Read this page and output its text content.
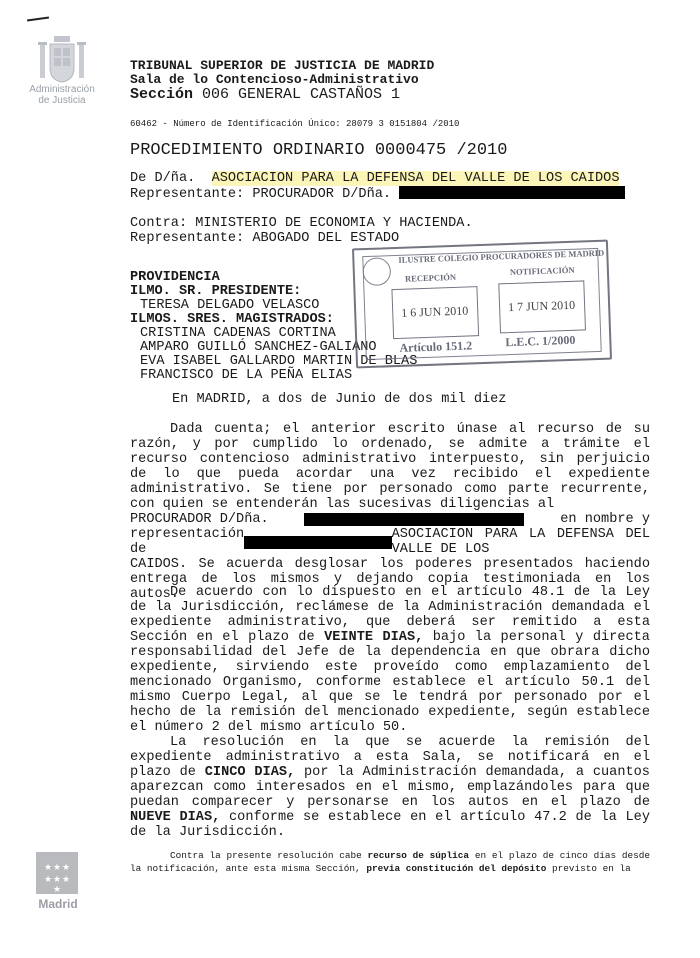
Administración
de Justicia
TRIBUNAL SUPERIOR DE JUSTICIA DE MADRID
Sala de lo Contencioso-Administrativo
Sección 006 GENERAL CASTAÑOS 1
60462 - Número de Identificación Único: 28079 3 0151804 /2010
PROCEDIMIENTO ORDINARIO 0000475 /2010
De D/ña. ASOCIACION PARA LA DEFENSA DEL VALLE DE LOS CAIDOS
Representante: PROCURADOR D/Dña.
Contra: MINISTERIO DE ECONOMIA Y HACIENDA.
Representante: ABOGADO DEL ESTADO
PROVIDENCIA
ILMO. SR. PRESIDENTE:
TERESA DELGADO VELASCO
ILMOS. SRES. MAGISTRADOS:
CRISTINA CADENAS CORTINA
AMPARO GUILLÓ SANCHEZ-GALIANO
EVA ISABEL GALLARDO MARTIN DE BLAS
FRANCISCO DE LA PEÑA ELIAS
ILUSTRE COLEGIO PROCURADORES DE MADRID
RECEPCIÓN
NOTIFICACIÓN
1 6 JUN 2010	1 7 JUN 2010
Artículo 151.2	L.E.C. 1/2000
En MADRID, a dos de Junio de dos mil diez

Dada cuenta; el anterior escrito únase al recurso de su razón, y por cumplido lo ordenado, se admite a trámite el recurso contencioso administrativo interpuesto, sin perjuicio de lo que pueda acordar una vez recibido el expediente administrativo. Se tiene por personado como parte recurrente, con quien se entenderán las sucesivas diligencias al

PROCURADOR D/Dña.	en nombre y

representación de
ASOCIACION PARA LA DEFENSA DEL VALLE DE LOS

CAIDOS. Se acuerda desglosar los poderes presentados haciendo entrega de los mismos y dejando copia testimoniada en los autos.

De acuerdo con lo dispuesto en el artículo 48.1 de la Ley de la Jurisdicción, reclámese de la Administración demandada el expediente administrativo, que deberá ser remitido a esta Sección en el plazo de VEINTE DIAS, bajo la personal y directa responsabilidad del Jefe de la dependencia en que obrara dicho expediente, sirviendo este proveído como emplazamiento del mencionado Organismo, conforme establece el artículo 50.1 del mismo Cuerpo Legal, al que se le tendrá por personado por el hecho de la remisión del mencionado expediente, según establece el número 2 del mismo artículo 50.

La resolución en la que se acuerde la remisión del expediente administrativo a esta Sala, se notificará en el plazo de CINCO DIAS, por la Administración demandada, a cuantos aparezcan como interesados en el mismo, emplazándoles para que puedan comparecer y personarse en los autos en el plazo de NUEVE DIAS, conforme se establece en el artículo 47.2 de la Ley de la Jurisdicción.

Contra la presente resolución cabe recurso de súplica en el plazo de cinco días desde la notificación, ante esta misma Sección, previa constitución del depósito previsto en la
★ ★ ★
★ ★ ★
★
Madrid
